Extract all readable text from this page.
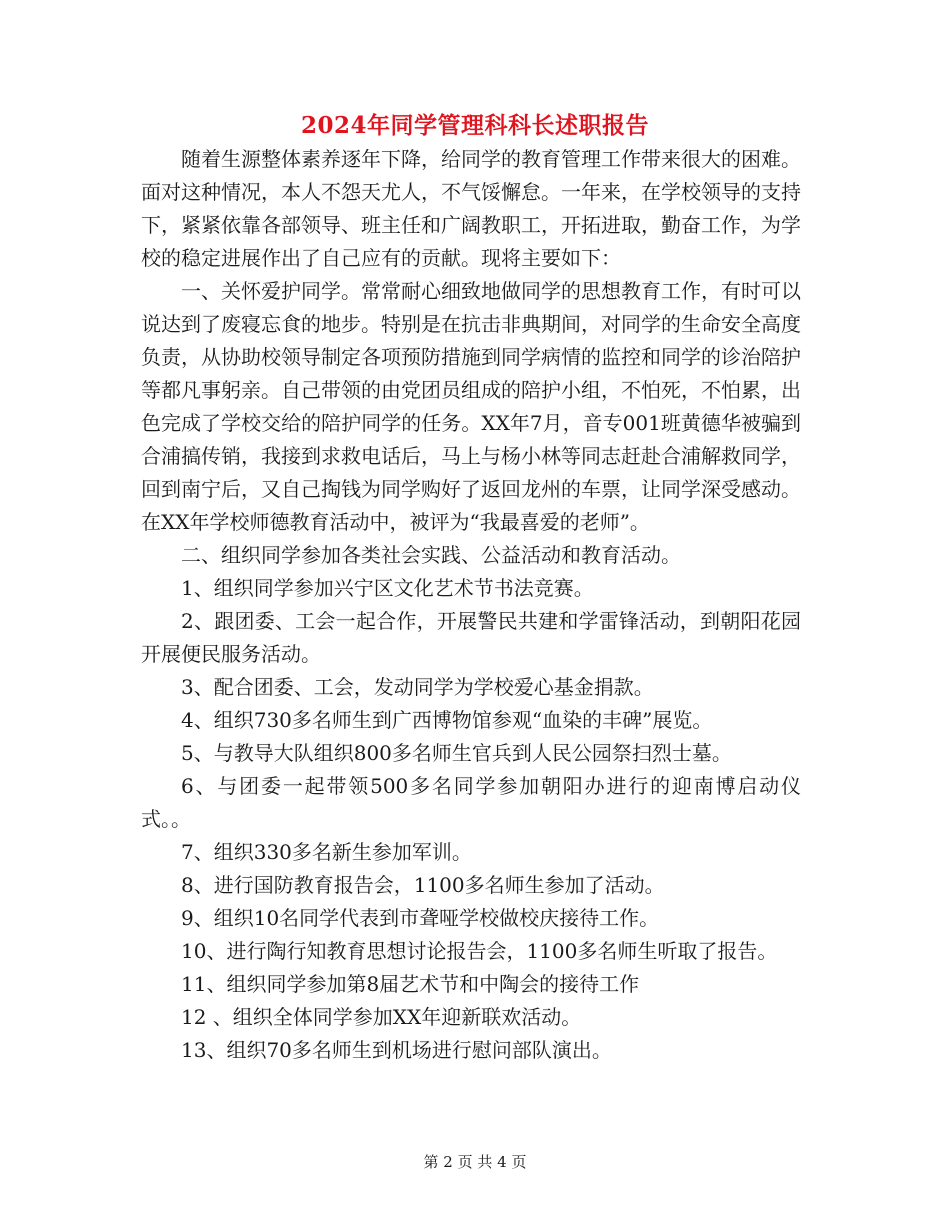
2024年同学管理科科长述职报告

随着生源整体素养逐年下降，给同学的教育管理工作带来很大的困难。面对这种情况，本人不怨天尤人，不气馁懈怠。一年来，在学校领导的支持下，紧紧依靠各部领导、班主任和广阔教职工，开拓进取，勤奋工作，为学校的稳定进展作出了自己应有的贡献。现将主要如下：

一、关怀爱护同学。常常耐心细致地做同学的思想教育工作，有时可以说达到了废寝忘食的地步。特别是在抗击非典期间，对同学的生命安全高度负责，从协助校领导制定各项预防措施到同学病情的监控和同学的诊治陪护等都凡事躬亲。自己带领的由党团员组成的陪护小组，不怕死，不怕累，出色完成了学校交给的陪护同学的任务。XX年7月，音专001班黄德华被骗到合浦搞传销，我接到求救电话后，马上与杨小林等同志赶赴合浦解救同学，回到南宁后，又自己掏钱为同学购好了返回龙州的车票，让同学深受感动。在XX年学校师德教育活动中，被评为“我最喜爱的老师”。

二、组织同学参加各类社会实践、公益活动和教育活动。

1、组织同学参加兴宁区文化艺术节书法竞赛。

2、跟团委、工会一起合作，开展警民共建和学雷锋活动，到朝阳花园开展便民服务活动。

3、配合团委、工会，发动同学为学校爱心基金捐款。

4、组织730多名师生到广西博物馆参观“血染的丰碑”展览。

5、与教导大队组织800多名师生官兵到人民公园祭扫烈士墓。

6、与团委一起带领500多名同学参加朝阳办进行的迎南博启动仪式。。

7、组织330多名新生参加军训。

8、进行国防教育报告会，1100多名师生参加了活动。

9、组织10名同学代表到市聋哑学校做校庆接待工作。

10、进行陶行知教育思想讨论报告会，1100多名师生听取了报告。

11、组织同学参加第8届艺术节和中陶会的接待工作

12 、组织全体同学参加XX年迎新联欢活动。

13、组织70多名师生到机场进行慰问部队演出。

第 2 页 共 4 页
